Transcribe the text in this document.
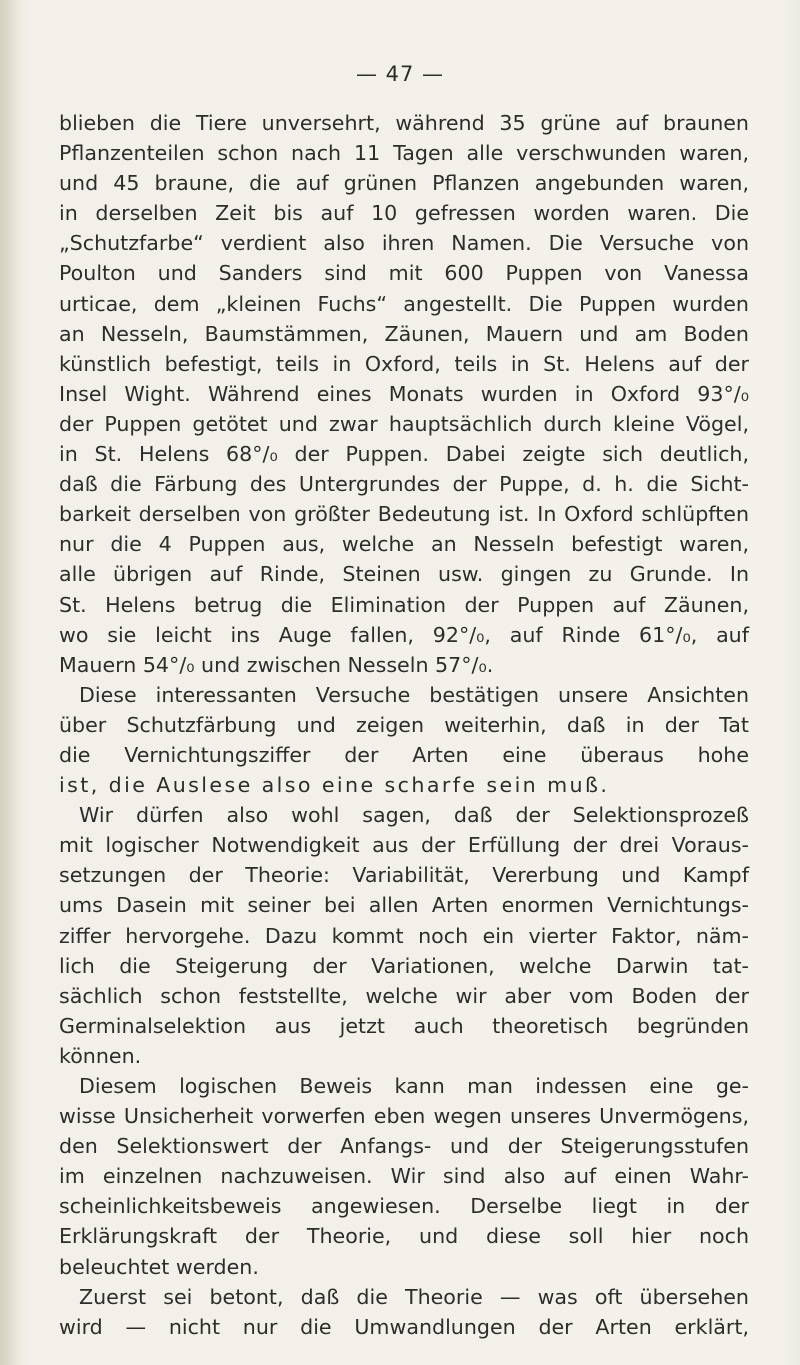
— 47 —
blieben die Tiere unversehrt, während 35 grüne auf braunen
Pflanzenteilen schon nach 11 Tagen alle verschwunden waren,
und 45 braune, die auf grünen Pflanzen angebunden waren,
in derselben Zeit bis auf 10 gefressen worden waren. Die
„Schutzfarbe“ verdient also ihren Namen. Die Versuche von
Poulton und Sanders sind mit 600 Puppen von Vanessa
urticae, dem „kleinen Fuchs“ angestellt. Die Puppen wurden
an Nesseln, Baumstämmen, Zäunen, Mauern und am Boden
künstlich befestigt, teils in Oxford, teils in St. Helens auf der
Insel Wight. Während eines Monats wurden in Oxford 93°/₀
der Puppen getötet und zwar hauptsächlich durch kleine Vögel,
in St. Helens 68°/₀ der Puppen. Dabei zeigte sich deutlich,
daß die Färbung des Untergrundes der Puppe, d. h. die Sicht-
barkeit derselben von größter Bedeutung ist. In Oxford schlüpften
nur die 4 Puppen aus, welche an Nesseln befestigt waren,
alle übrigen auf Rinde, Steinen usw. gingen zu Grunde. In
St. Helens betrug die Elimination der Puppen auf Zäunen,
wo sie leicht ins Auge fallen, 92°/₀, auf Rinde 61°/₀, auf
Mauern 54°/₀ und zwischen Nesseln 57°/₀.
Diese interessanten Versuche bestätigen unsere Ansichten
über Schutzfärbung und zeigen weiterhin, daß in der Tat
die Vernichtungsziffer der Arten eine überaus hohe
ist, die Auslese also eine scharfe sein muß.
Wir dürfen also wohl sagen, daß der Selektionsprozeß
mit logischer Notwendigkeit aus der Erfüllung der drei Voraus-
setzungen der Theorie: Variabilität, Vererbung und Kampf
ums Dasein mit seiner bei allen Arten enormen Vernichtungs-
ziffer hervorgehe. Dazu kommt noch ein vierter Faktor, näm-
lich die Steigerung der Variationen, welche Darwin tat-
sächlich schon feststellte, welche wir aber vom Boden der
Germinalselektion aus jetzt auch theoretisch begründen
können.
Diesem logischen Beweis kann man indessen eine ge-
wisse Unsicherheit vorwerfen eben wegen unseres Unvermögens,
den Selektionswert der Anfangs- und der Steigerungsstufen
im einzelnen nachzuweisen. Wir sind also auf einen Wahr-
scheinlichkeitsbeweis angewiesen. Derselbe liegt in der
Erklärungskraft der Theorie, und diese soll hier noch
beleuchtet werden.
Zuerst sei betont, daß die Theorie — was oft übersehen
wird — nicht nur die Umwandlungen der Arten erklärt,
